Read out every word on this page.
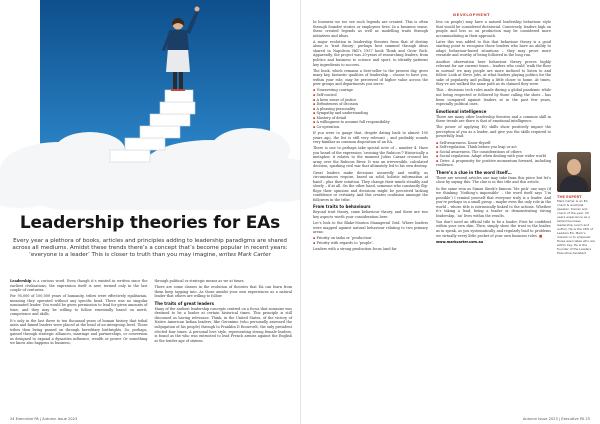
Leadership theories for EAs

Every year a plethora of books, articles and principles adding to leadership paradigms are shared across all mediums. Amidst these trends there’s a concept that’s become popular in recent years: ‘everyone is a leader’ This is closer to truth than you may imagine, writes Mark Carter

Leadership is a curious word. Even though it’s existed in written since the earliest civilisations, the expression itself is new, termed only in the last couple of centuries.

For 95,000 of 100,000 years of humanity, tribes were effectively egalitarian, meaning they operated without any specific head. There was no singular nominated leader. You would be given permission to lead for given amounts of time, and they may be willing to follow essentially based on merit, competence and skills.

It’s only in the last three to ten thousand years of human history that tribal units and famed leaders were placed at the head of an intergroup level. Those tribes then being passed on through hereditary birthrights. So, perhaps, gained through strategic alliances, marriage and partnerships, or conversion as designed to expand a dynasties influence, wealth or power. Or something we know also happens in business,

through political or strategic means as we at times.

There are some classes in the evolution of theories that EA can learn from them keep tapping into. As those amidst your own experiences as a natural leader that others are willing to follow.

The traits of great leaders

Many of the earliest leadership concepts centred on a focus that someone was destined to be a leader at certain historical times. This principle is still discussed as having relevance. Think, in the United States, of the victory of Native American Indian leaders, like Geronimo (who personally assessed the subjugation of his people) through to Franklin D Roosevelt, the only president elected four times. A personal love style, representing strong female leaders, is found as the who was entrusted to lead French armies against the English at the tender age of sixteen.

24 Executive PA | Autumn Issue 2023
DEVELOPMENT

In business we too see such legends are created. This is often through founder stories or employees lives. In a business sense, these created legends as well as modelling traits through initiatives and ideas.

A major evolution in leadership theories from that of destiny alone is ‘trait theory’, perhaps best summed through ideas shared in Napoleon Hill’s 1937 book Think and Grow Rich. Apparently, the project was 20-years of researching leaders, from politics and business to science and sport, to identify patterns key ingredients to success.

The book, which remains a best-seller to the present day, gives many key, fantastic qualities of leadership – choose to have you, within your role, may be perceived of higher value across the peer groups and departments you serve:

▪ Unwavering courage
▪ Self-control
▪ A keen sense of justice
▪ Definiteness of decision
▪ A pleasing personality
▪ Sympathy and understanding
▪ Mastery of detail
▪ A willingness to assume full responsibility
▪ Co-operation.

If you were to gauge that, despite dating back to almost 100 years ago, the list is still very relevant – and probably sounds very familiar as common disposition of an EA.

There is one to perhaps take special note of – number 4. Have you heard of the expression ‘crossing the Rubicon’? Historically a metaphor, it relates to the moment Julius Caesar crossed his army over the Rubicon River. It was an irreversible, calculated decision, sparking civil war that ultimately led to his own destiny.

Great leaders make decisions assuredly and swiftly, as circumstances require, based on solid, holistic information at hand – plus their intuition. They change their minds steadily and slowly – if at all. On the other hand, someone who constantly flip-flops their opinions and decisions might be perceived lacking confidence or certainty. And this creates confusion amongst the followers in the tribe.

From traits to behaviours

Beyond trait theory, came behaviour theory, and there are two key aspects worth your consideration here.

Let’s look to the Blake-Mouton Managerial Grid. Where leaders were mapped against natural behaviour relating to two primary areas:

▪ Priority on tasks or ‘production’
▪ Priority with regards to ‘people’.

Leaders with a strong production focus (and far

less on people) may have a natural leadership behaviour style that would be considered dictatorial. Conversely, leaders high on people and less so on production may be considered more accommodating in their approach.

Later this was added to this that behaviour theory is a good starting point to recognise those leaders who have an ability to adapt behaviour-based situations – they may prove more versatile and worthy of being followed in the long run.

Another observation here behaviour theory proves highly relevant for our current times – leaders who could ‘walk the floor in normal’ we may people are more inclined to listen to and follow. Look at Steve Jobs, at what leaders playing politics for the sake of popularity and pulling a little closer to home. At times, they’ve not walked the same path as its claimed they were.

This – decisions tech roles made during a global pandemic while not being respected or followed by those calling the shots – has been compared against leaders at in the past few years, especially political ones.

Emotional intelligence

There are many other leadership theories and a common skill in these trends are there is that of emotional intelligence.

The power of applying EQ skills show positively impact the perception of you as a leader, and give you the skills required to powerfully lead:

▪ Self-awareness. Know thyself
▪ Self-regulation. Think before you leap or act
▪ Social awareness. The considerations of others
▪ Social regulation. Adapt when dealing with your wider world
▪ Drive. A propensity for positive momentum forward, including resilience.
There’s a clue in the word itself…

There are several articles one may take from this piece but let’s close by saying this: The clue is in this title and this article.

In the same vein as Simon Sinek’s famous ‘Me pick’ one says (if we thinking ‘Nothing’s impossible’ – the word itself says ‘I’m possible’) I remind yourself that everyone truly is a leader. And you’re perhaps in a small group – maybe even the only role in the world – whose title is intrinsically linked to the actions. Whether it’s taking a lead, being a leader or demonstrating strong leadership, ‘an’ lives within the results.

You don’t need an official title to be a leader. First be confident within your own skin. Then, simply show the trust in the leader, as in speak, as you systematically and regularly lead to problems we virtually every little pocket of your own business roles. ■

www.markcarter.com.au

THE EXPERT
Mark Carter is an EA coach & Australia speaker, trainer and coach of the year. 20 years experience as a skilled business leadership coach and author. He is the CEO of Leaders EA. Mark’s mission is to empower these associates who are within key. He is the founder of the Leaders Executive Assistant
Autumn Issue 2023 | Executive PA 25
